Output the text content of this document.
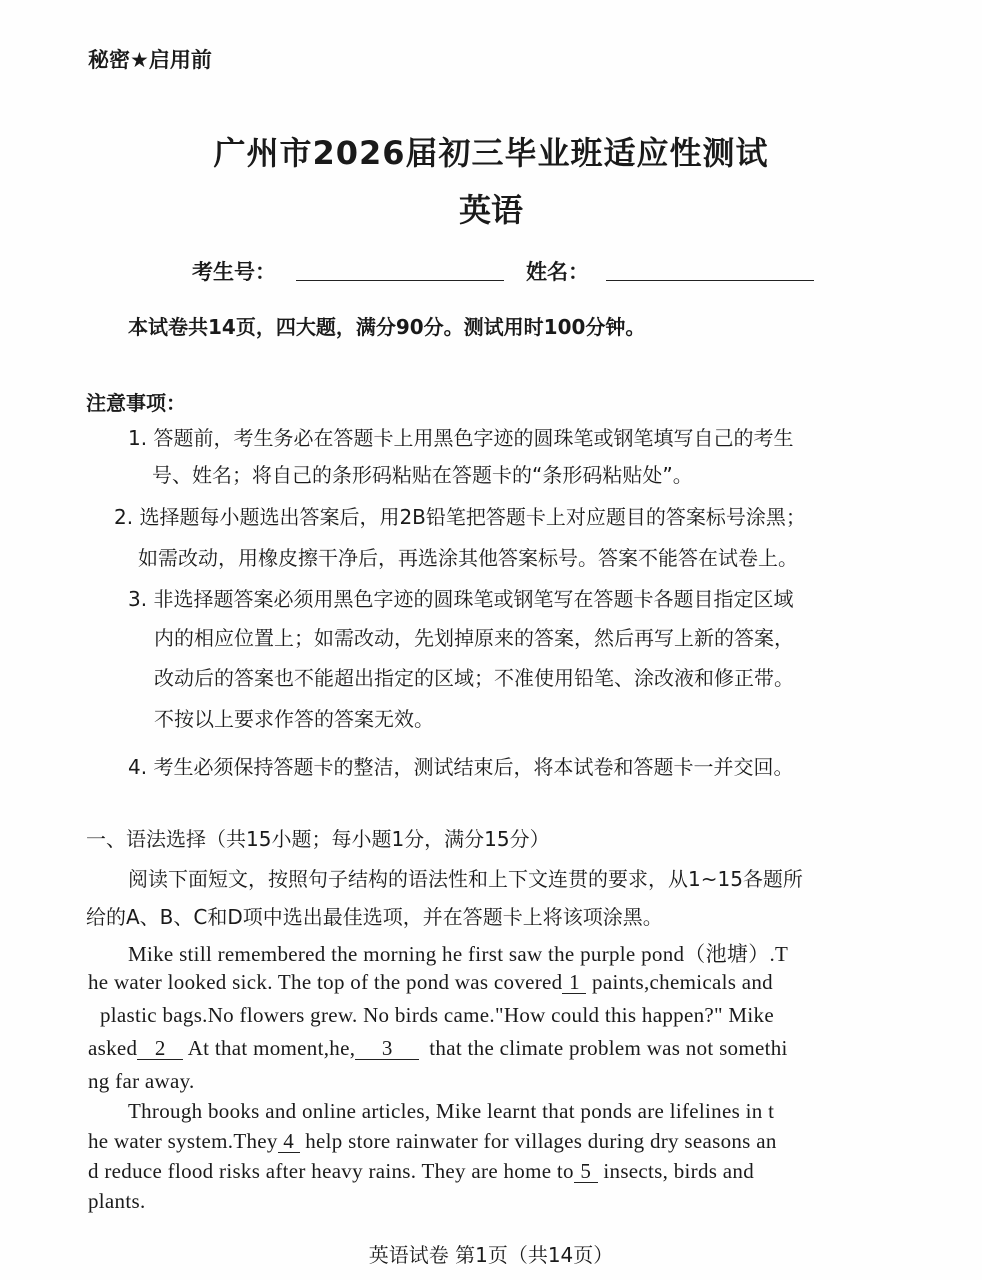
秘密★启用前
广州市2026届初三毕业班适应性测试
英语
考生号：	姓名：
本试卷共14页，四大题，满分90分。测试用时100分钟。
注意事项：
1. 答题前，考生务必在答题卡上用黑色字迹的圆珠笔或钢笔填写自己的考生
号、姓名；将自己的条形码粘贴在答题卡的“条形码粘贴处”。
2. 选择题每小题选出答案后，用2B铅笔把答题卡上对应题目的答案标号涂黑；
如需改动，用橡皮擦干净后，再选涂其他答案标号。答案不能答在试卷上。
3. 非选择题答案必须用黑色字迹的圆珠笔或钢笔写在答题卡各题目指定区域
内的相应位置上；如需改动，先划掉原来的答案，然后再写上新的答案，
改动后的答案也不能超出指定的区域；不准使用铅笔、涂改液和修正带。
不按以上要求作答的答案无效。
4. 考生必须保持答题卡的整洁，测试结束后，将本试卷和答题卡一并交回。
一、语法选择（共15小题；每小题1分，满分15分）
阅读下面短文，按照句子结构的语法性和上下文连贯的要求，从1~15各题所
给的A、B、C和D项中选出最佳选项，并在答题卡上将该项涂黑。
Mike still remembered the morning he first saw the purple pond（池塘）.T
he water looked sick. The top of the pond was covered 1 paints,chemicals and
plastic bags.No flowers grew. No birds came."How could this happen?" Mike
asked 2 At that moment,he, 3 that the climate problem was not somethi
ng far away.
Through books and online articles, Mike learnt that ponds are lifelines in t
he water system.They 4 help store rainwater for villages during dry seasons an
d reduce flood risks after heavy rains. They are home to 5 insects, birds and
plants.
英语试卷 第1页（共14页）
